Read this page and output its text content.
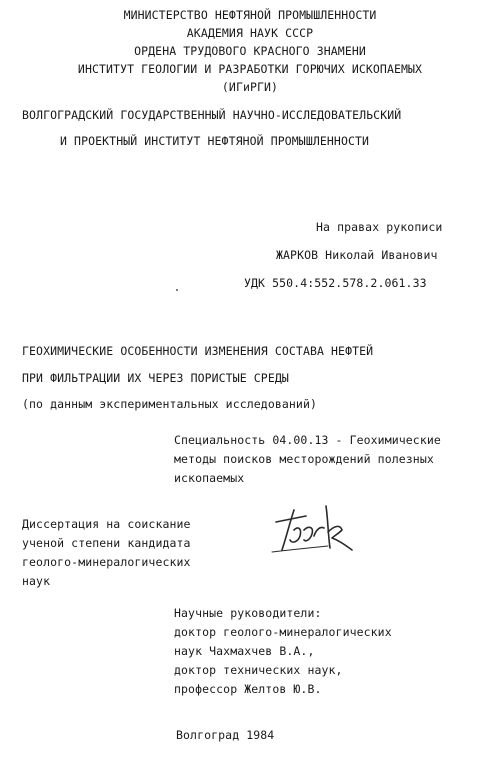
МИНИСТЕРСТВО НЕФТЯНОЙ ПРОМЫШЛЕННОСТИ
АКАДЕМИЯ НАУК СССР
ОРДЕНА ТРУДОВОГО КРАСНОГО ЗНАМЕНИ
ИНСТИТУТ ГЕОЛОГИИ И РАЗРАБОТКИ ГОРЮЧИХ ИСКОПАЕМЫХ
(ИГиРГИ)
ВОЛГОГРАДСКИЙ ГОСУДАРСТВЕННЫЙ НАУЧНО-ИССЛЕДОВАТЕЛЬСКИЙ
И ПРОЕКТНЫЙ ИНСТИТУТ НЕФТЯНОЙ ПРОМЫШЛЕННОСТИ
На правах рукописи
ЖАРКОВ Николай Иванович
УДК 550.4:552.578.2.061.33
ГЕОХИМИЧЕСКИЕ ОСОБЕННОСТИ ИЗМЕНЕНИЯ СОСТАВА НЕФТЕЙ
ПРИ ФИЛЬТРАЦИИ ИХ ЧЕРЕЗ ПОРИСТЫЕ СРЕДЫ
(по данным экспериментальных исследований)
Специальность 04.00.13 - Геохимические
методы поисков месторождений полезных
ископаемых
Диссертация на соискание
ученой степени кандидата
геолого-минералогических
наук
Научные руководители:
доктор геолого-минералогических
наук Чахмахчев В.А.,
доктор технических наук,
профессор Желтов Ю.В.
Волгоград 1984
